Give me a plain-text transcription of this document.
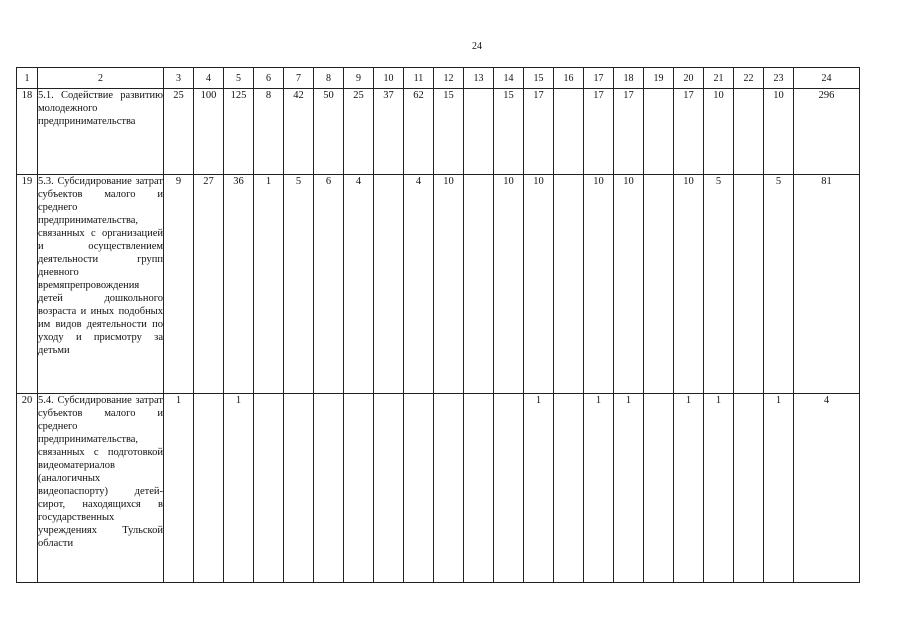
24
1	2	3	4	5	6	7	8	9	10	11	12	13	14	15	16	17	18	19	20	21	22	23	24
18	5.1. Содействие развитию молодежного предпринимательства	25	100	125	8	42	50	25	37	62	15		15	17		17	17		17	10		10	296
19	5.3. Субсидирование затрат субъектов малого и среднего предпринимательства, связанных с организацией и осуществлением деятельности групп дневного времяпрепровождения детей дошкольного возраста и иных подобных им видов деятельности по уходу и присмотру за детьми	9	27	36	1	5	6	4		4	10		10	10		10	10		10	5		5	81
20	5.4. Субсидирование затрат субъектов малого и среднего предпринимательства, связанных с подготовкой видеоматериалов (аналогичных видеопаспорту) детей-сирот, находящихся в государственных учреждениях Тульской области	1		1										1		1	1		1	1		1	4
